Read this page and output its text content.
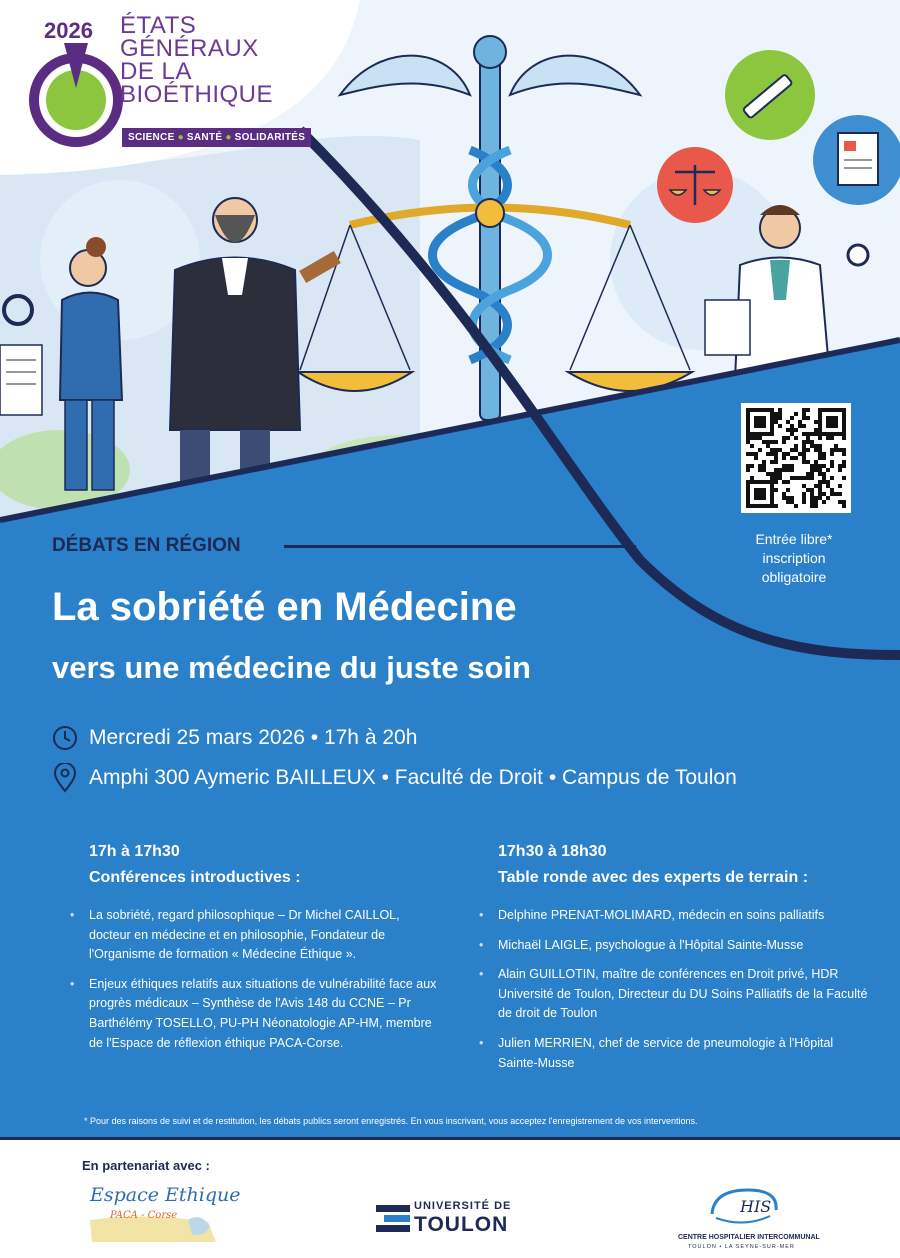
2026 ÉTATS
GÉNÉRAUX
DE LA
BIOÉTHIQUE
SCIENCE ● SANTÉ ● SOLIDARITÉS
Entrée libre*
inscription
obligatoire
DÉBATS EN RÉGION
La sobriété en Médecine
vers une médecine du juste soin
Mercredi 25 mars 2026 • 17h à 20h
Amphi 300 Aymeric BAILLEUX • Faculté de Droit • Campus de Toulon
17h à 17h30
Conférences introductives :
• La sobriété, regard philosophique – Dr Michel CAILLOL, docteur en médecine et en philosophie, Fondateur de l'Organisme de formation « Médecine Éthique ».
• Enjeux éthiques relatifs aux situations de vulnérabilité face aux progrès médicaux – Synthèse de l'Avis 148 du CCNE – Pr Barthélémy TOSELLO, PU-PH Néonatologie AP-HM, membre de l'Espace de réflexion éthique PACA-Corse.
17h30 à 18h30
Table ronde avec des experts de terrain :
• Delphine PRENAT-MOLIMARD, médecin en soins palliatifs
• Michaël LAIGLE, psychologue à l'Hôpital Sainte-Musse
• Alain GUILLOTIN, maître de conférences en Droit privé, HDR Université de Toulon, Directeur du DU Soins Palliatifs de la Faculté de droit de Toulon
• Julien MERRIEN, chef de service de pneumologie à l'Hôpital Sainte-Musse
* Pour des raisons de suivi et de restitution, les débats publics seront enregistrés. En vous inscrivant, vous acceptez l'enregistrement de vos interventions.
En partenariat avec :
Espace Ethique
PACA - Corse
UNIVERSITÉ DE
TOULON
HIS
CENTRE HOSPITALIER INTERCOMMUNAL
TOULON • LA SEYNE-SUR-MER
